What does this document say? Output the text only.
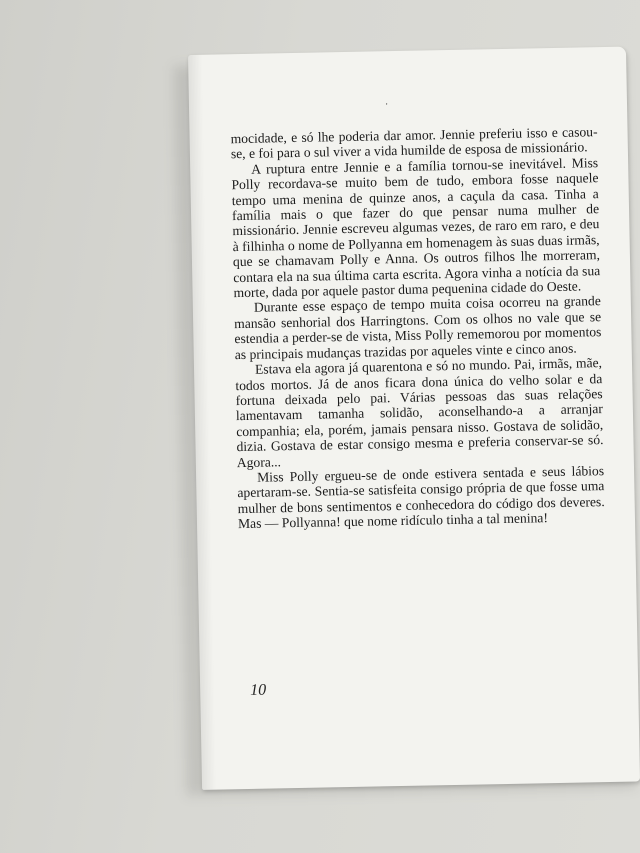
·

mocidade, e só lhe poderia dar amor. Jennie preferiu isso e casou-se, e foi para o sul viver a vida humilde de esposa de missionário.

A ruptura entre Jennie e a família tornou-se inevitável. Miss Polly recordava-se muito bem de tudo, embora fosse naquele tempo uma menina de quinze anos, a caçula da casa. Tinha a família mais o que fazer do que pensar numa mulher de missionário. Jennie escreveu algumas vezes, de raro em raro, e deu à filhinha o nome de Pollyanna em homenagem às suas duas irmãs, que se chamavam Polly e Anna. Os outros filhos lhe morreram, contara ela na sua última carta escrita. Agora vinha a notícia da sua morte, dada por aquele pastor duma pequenina cidade do Oeste.

Durante esse espaço de tempo muita coisa ocorreu na grande mansão senhorial dos Harringtons. Com os olhos no vale que se estendia a perder-se de vista, Miss Polly rememorou por momentos as principais mudanças trazidas por aqueles vinte e cinco anos.

Estava ela agora já quarentona e só no mundo. Pai, irmãs, mãe, todos mortos. Já de anos ficara dona única do velho solar e da fortuna deixada pelo pai. Várias pessoas das suas relações lamentavam tamanha solidão, aconselhando-a a arranjar companhia; ela, porém, jamais pensara nisso. Gostava de solidão, dizia. Gostava de estar consigo mesma e preferia conservar-se só. Agora...

Miss Polly ergueu-se de onde estivera sentada e seus lábios apertaram-se. Sentia-se satisfeita consigo própria de que fosse uma mulher de bons sentimentos e conhecedora do código dos deveres. Mas — Pollyanna! que nome ridículo tinha a tal menina!

10
